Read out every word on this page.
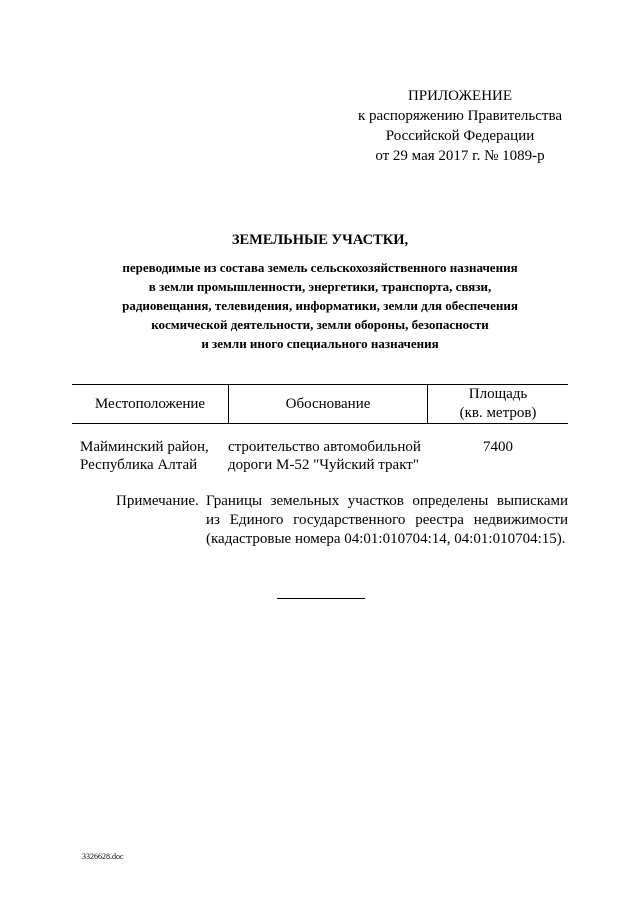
ПРИЛОЖЕНИЕ
к распоряжению Правительства
Российской Федерации
от 29 мая 2017 г. № 1089-р
ЗЕМЕЛЬНЫЕ УЧАСТКИ,
переводимые из состава земель сельскохозяйственного назначения
в земли промышленности, энергетики, транспорта, связи,
радиовещания, телевидения, информатики, земли для обеспечения
космической деятельности, земли обороны, безопасности
и земли иного специального назначения
Местоположение	Обоснование
Площадь
(кв. метров)
Майминский район,
Республика Алтай
строительство автомобильной
дороги М-52 "Чуйский тракт"
7400
Примечание. Границы земельных участков определены выписками
из Единого государственного реестра недвижимости
(кадастровые номера 04:01:010704:14, 04:01:010704:15).
3326628.doc
